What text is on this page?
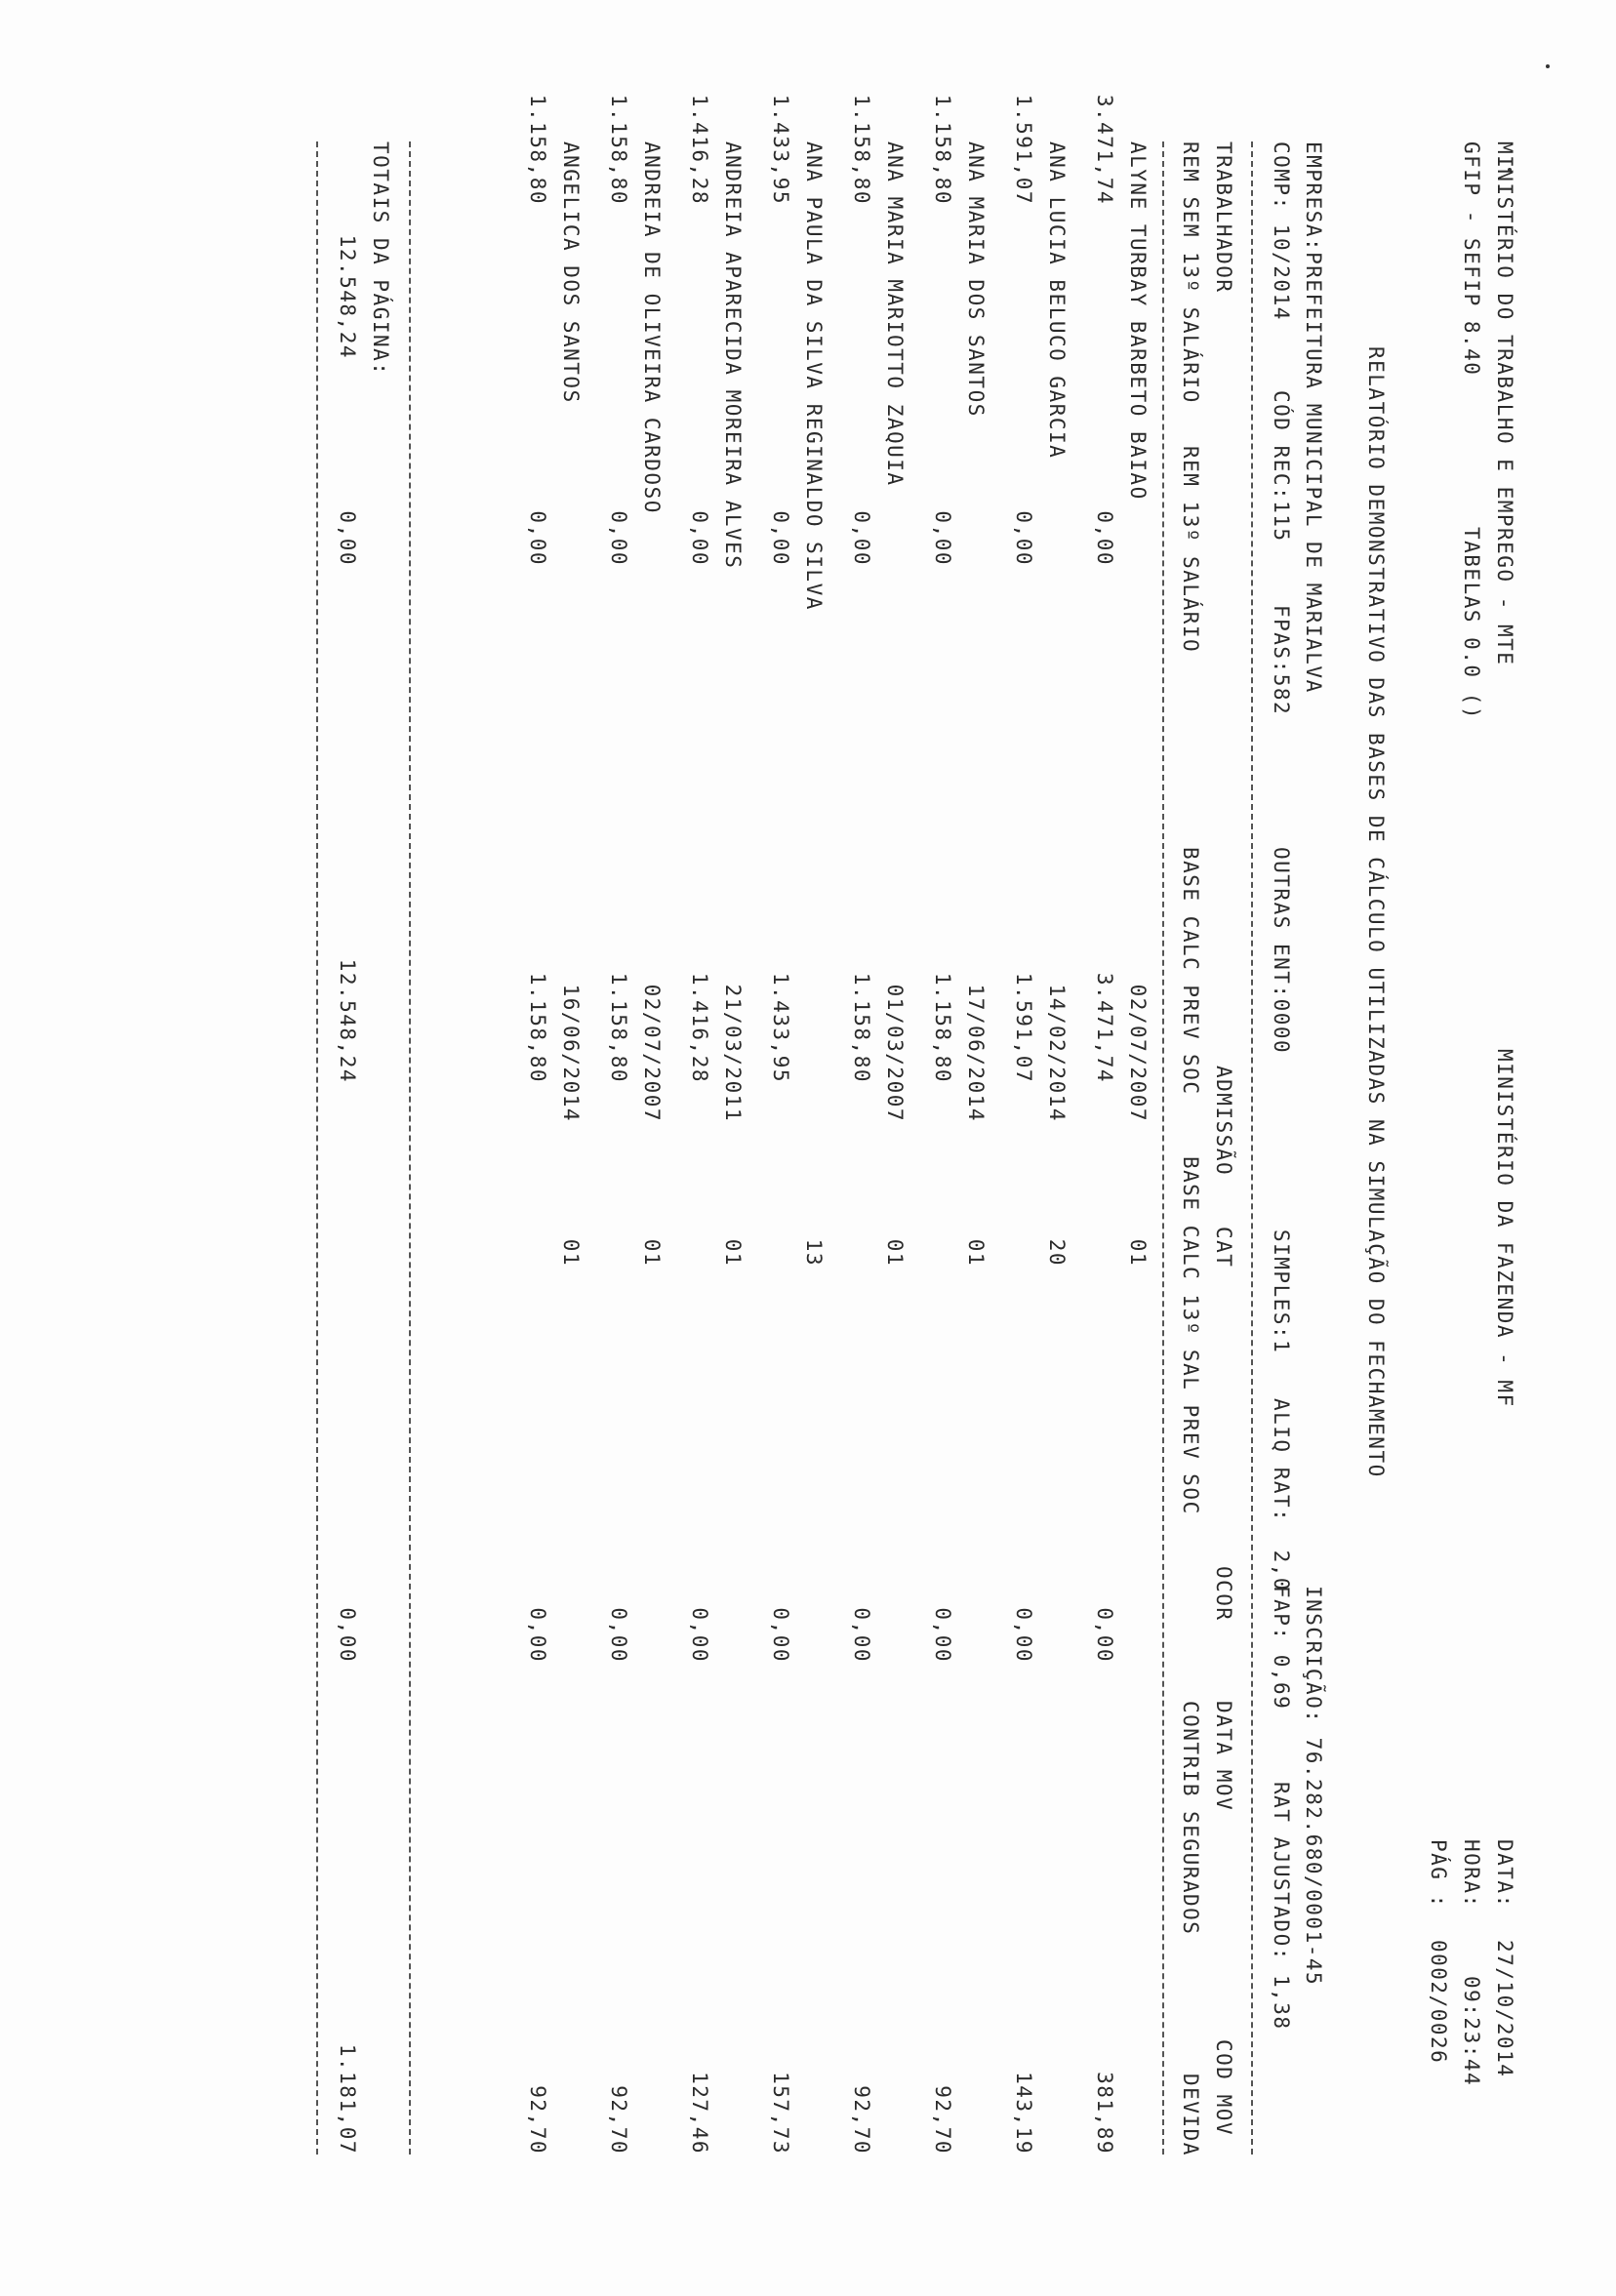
MINISTÉRIO DO TRABALHO E EMPREGO - MTE
MINISTÉRIO DA FAZENDA - MF
DATA:
27/10/2014
GFIP - SEFIP 8.40
TABELAS 0.0 ()
HORA:
09:23:44
PÁG :
0002/0026
RELATÓRIO DEMONSTRATIVO DAS BASES DE CÁLCULO UTILIZADAS NA SIMULAÇÃO DO FECHAMENTO
EMPRESA:PREFEITURA MUNICIPAL DE MARIALVA
INSCRIÇÃO: 76.282.680/0001-45
COMP: 10/2014
CÓD REC:115
FPAS:582
OUTRAS ENT:0000
SIMPLES:1
ALIQ RAT:  2,0
FAP: 0,69
RAT AJUSTADO: 1,38
TRABALHADOR
ADMISSÃO
CAT
OCOR
DATA MOV
COD MOV
REM SEM 13º SALÁRIO
REM 13º SALÁRIO
BASE CALC PREV SOC
BASE CALC 13º SAL PREV SOC
CONTRIB SEGURADOS
DEVIDA
ALYNE TURBAY BARBETO BAIAO
02/07/2007
01
3.471,74
0,00
3.471,74
0,00
381,89
ANA LUCIA BELUCO GARCIA
14/02/2014
20
1.591,07
0,00
1.591,07
0,00
143,19
ANA MARIA DOS SANTOS
17/06/2014
01
1.158,80
0,00
1.158,80
0,00
92,70
ANA MARIA MARIOTTO ZAQUIA
01/03/2007
01
1.158,80
0,00
1.158,80
0,00
92,70
ANA PAULA DA SILVA REGINALDO SILVA
13
1.433,95
0,00
1.433,95
0,00
157,73
ANDREIA APARECIDA MOREIRA ALVES
21/03/2011
01
1.416,28
0,00
1.416,28
0,00
127,46
ANDREIA DE OLIVEIRA CARDOSO
02/07/2007
01
1.158,80
0,00
1.158,80
0,00
92,70
ANGELICA DOS SANTOS
16/06/2014
01
1.158,80
0,00
1.158,80
0,00
92,70
TOTAIS DA PÁGINA:
12.548,24
0,00
12.548,24
0,00
1.181,07
